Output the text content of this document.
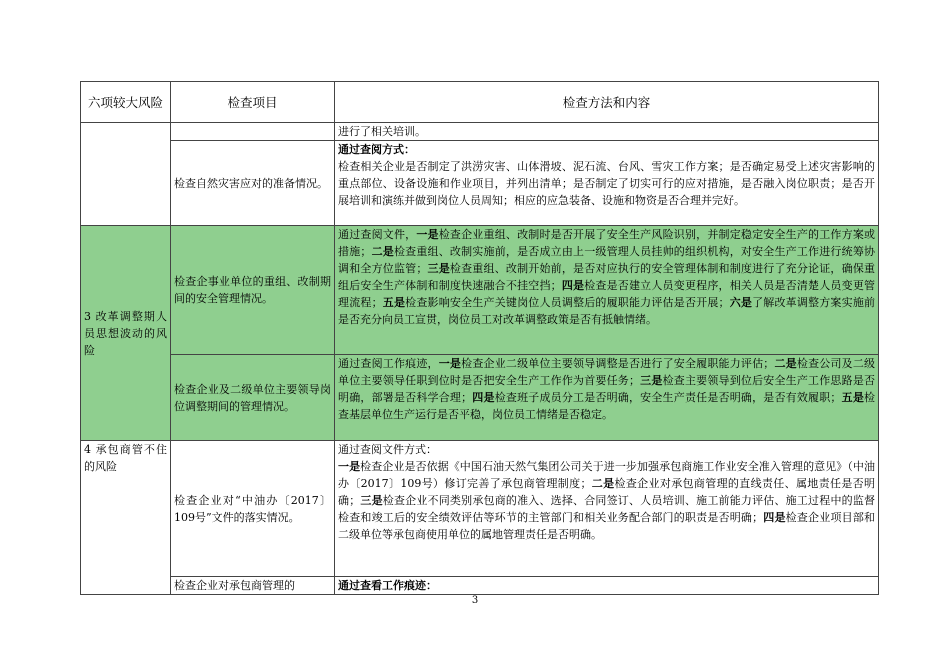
六项较大风险	检查项目	检查方法和内容
		进行了相关培训。
	检查自然灾害应对的准备情况。	通过查阅方式：
检查相关企业是否制定了洪涝灾害、山体滑坡、泥石流、台风、雪灾工作方案；是否确定易受上述灾害影响的重点部位、设备设施和作业项目，并列出清单；是否制定了切实可行的应对措施，是否融入岗位职责；是否开展培训和演练并做到岗位人员周知；相应的应急装备、设施和物资是否合理并完好。
3 改革调整期人员思想波动的风险	检查企事业单位的重组、改制期间的安全管理情况。	通过查阅文件，一是检查企业重组、改制时是否开展了安全生产风险识别，并制定稳定安全生产的工作方案或措施；二是检查重组、改制实施前，是否成立由上一级管理人员挂帅的组织机构，对安全生产工作进行统筹协调和全方位监管；三是检查重组、改制开始前，是否对应执行的安全管理体制和制度进行了充分论证，确保重组后安全生产体制和制度快速融合不挂空挡；四是检查是否建立人员变更程序，相关人员是否清楚人员变更管理流程；五是检查影响安全生产关键岗位人员调整后的履职能力评估是否开展；六是了解改革调整方案实施前是否充分向员工宣贯，岗位员工对改革调整政策是否有抵触情绪。
	检查企业及二级单位主要领导岗位调整期间的管理情况。	通过查阅工作痕迹，一是检查企业二级单位主要领导调整是否进行了安全履职能力评估；二是检查公司及二级单位主要领导任职到位时是否把安全生产工作作为首要任务；三是检查主要领导到位后安全生产工作思路是否明确，部署是否科学合理；四是检查班子成员分工是否明确，安全生产责任是否明确，是否有效履职；五是检查基层单位生产运行是否平稳，岗位员工情绪是否稳定。
4 承包商管不住的风险	检查企业对“中油办〔2017〕109号”文件的落实情况。	通过查阅文件方式：
一是检查企业是否依据《中国石油天然气集团公司关于进一步加强承包商施工作业安全准入管理的意见》（中油办〔2017〕109号）修订完善了承包商管理制度；二是检查企业对承包商管理的直线责任、属地责任是否明确；三是检查企业不同类别承包商的准入、选择、合同签订、人员培训、施工前能力评估、施工过程中的监督检查和竣工后的安全绩效评估等环节的主管部门和相关业务配合部门的职责是否明确；四是检查企业项目部和二级单位等承包商使用单位的属地管理责任是否明确。
	检查企业对承包商管理的	通过查看工作痕迹：
3
